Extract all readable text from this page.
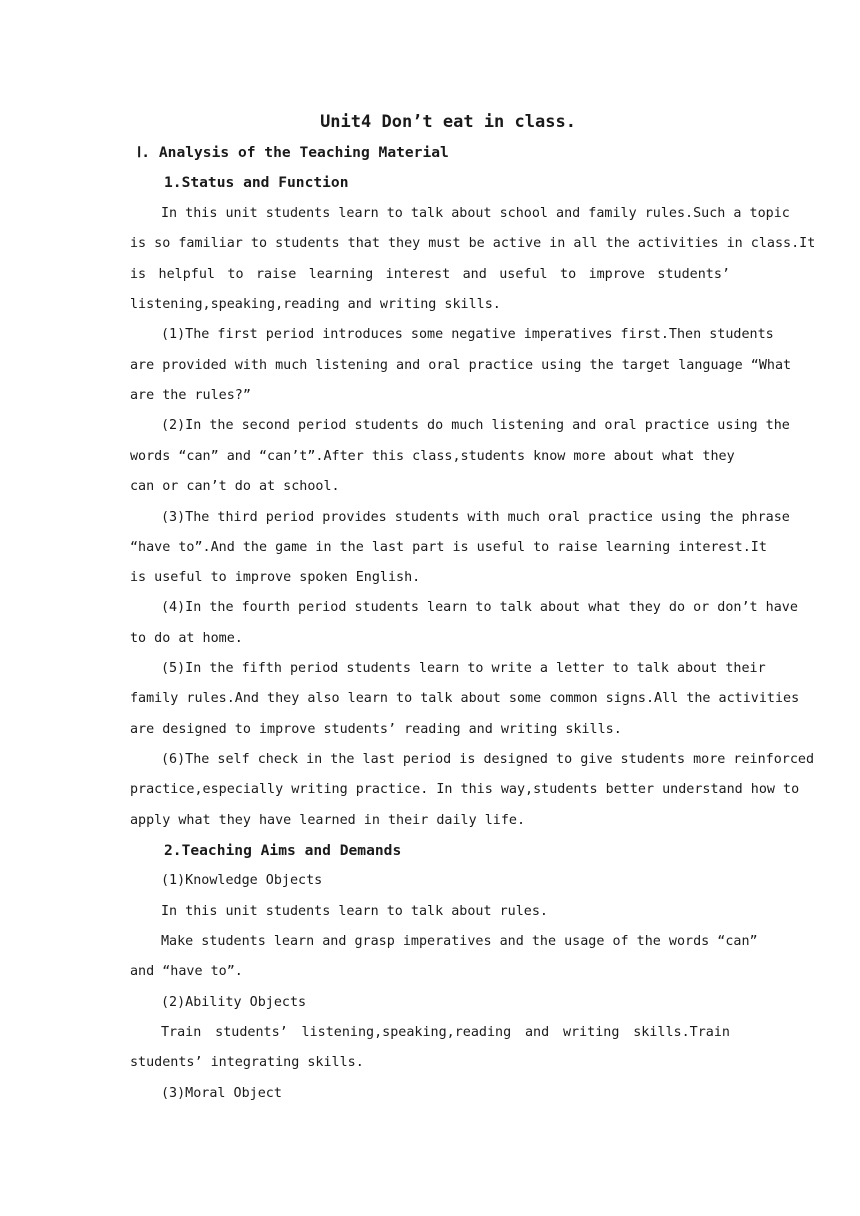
Unit4 Don’t eat in class.
Ⅰ. Analysis of the Teaching Material
1.Status and Function
In this unit students learn to talk about school and family rules.Such a topic
is so familiar to students that they must be active in all the activities in class.It
is helpful to raise learning interest and useful to improve students’
listening,speaking,reading and writing skills.
(1)The first period introduces some negative imperatives first.Then students
are provided with much listening and oral practice using the target language “What
are the rules?”
(2)In the second period students do much listening and oral practice using the
words “can” and “can’t”.After this class,students know more about what they
can or can’t do at school.
(3)The third period provides students with much oral practice using the phrase
“have to”.And the game in the last part is useful to raise learning interest.It
is useful to improve spoken English.
(4)In the fourth period students learn to talk about what they do or don’t have
to do at home.
(5)In the fifth period students learn to write a letter to talk about their
family rules.And they also learn to talk about some common signs.All the activities
are designed to improve students’ reading and writing skills.
(6)The self check in the last period is designed to give students more reinforced
practice,especially writing practice. In this way,students better understand how to
apply what they have learned in their daily life.
2.Teaching Aims and Demands
(1)Knowledge Objects
In this unit students learn to talk about rules.
Make students learn and grasp imperatives and the usage of the words “can”
and “have to”.
(2)Ability Objects
Train students’ listening,speaking,reading and writing skills.Train
students’ integrating skills.
(3)Moral Object
